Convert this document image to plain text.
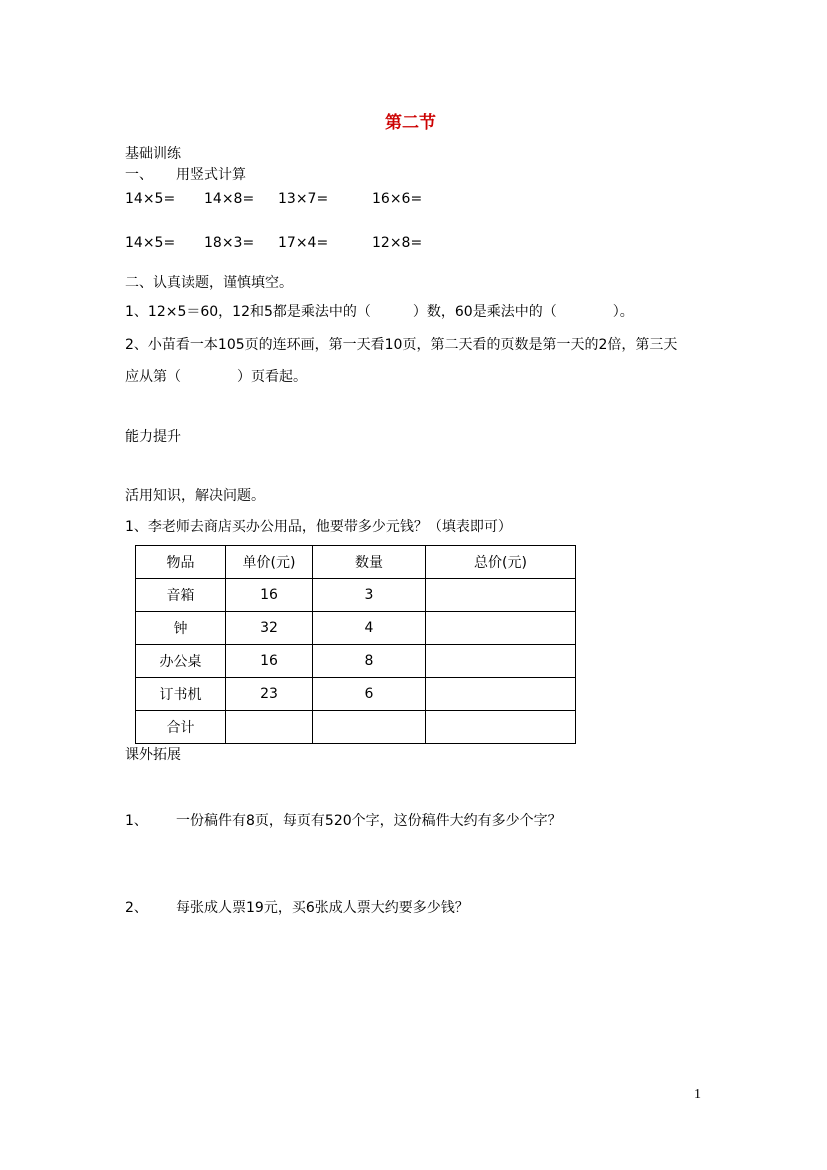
第二节
基础训练
一、 用竖式计算
14×5= 14×8= 13×7=	16×6=
14×5= 18×3= 17×4=	12×8=
二、认真读题，谨慎填空。
1、12×5＝60，12和5都是乘法中的（　　　）数，60是乘法中的（　　　　）。
2、小苗看一本105页的连环画，第一天看10页，第二天看的页数是第一天的2倍，第三天
应从第（　　　　）页看起。
能力提升
活用知识，解决问题。
1、李老师去商店买办公用品，他要带多少元钱？（填表即可）
物品	单价(元)	数量	总价(元)
音箱	16	3	
钟	32	4	
办公桌	16	8	
订书机	23	6	
合计			
课外拓展
1、 一份稿件有8页，每页有520个字，这份稿件大约有多少个字？
2、 每张成人票19元，买6张成人票大约要多少钱？
1
